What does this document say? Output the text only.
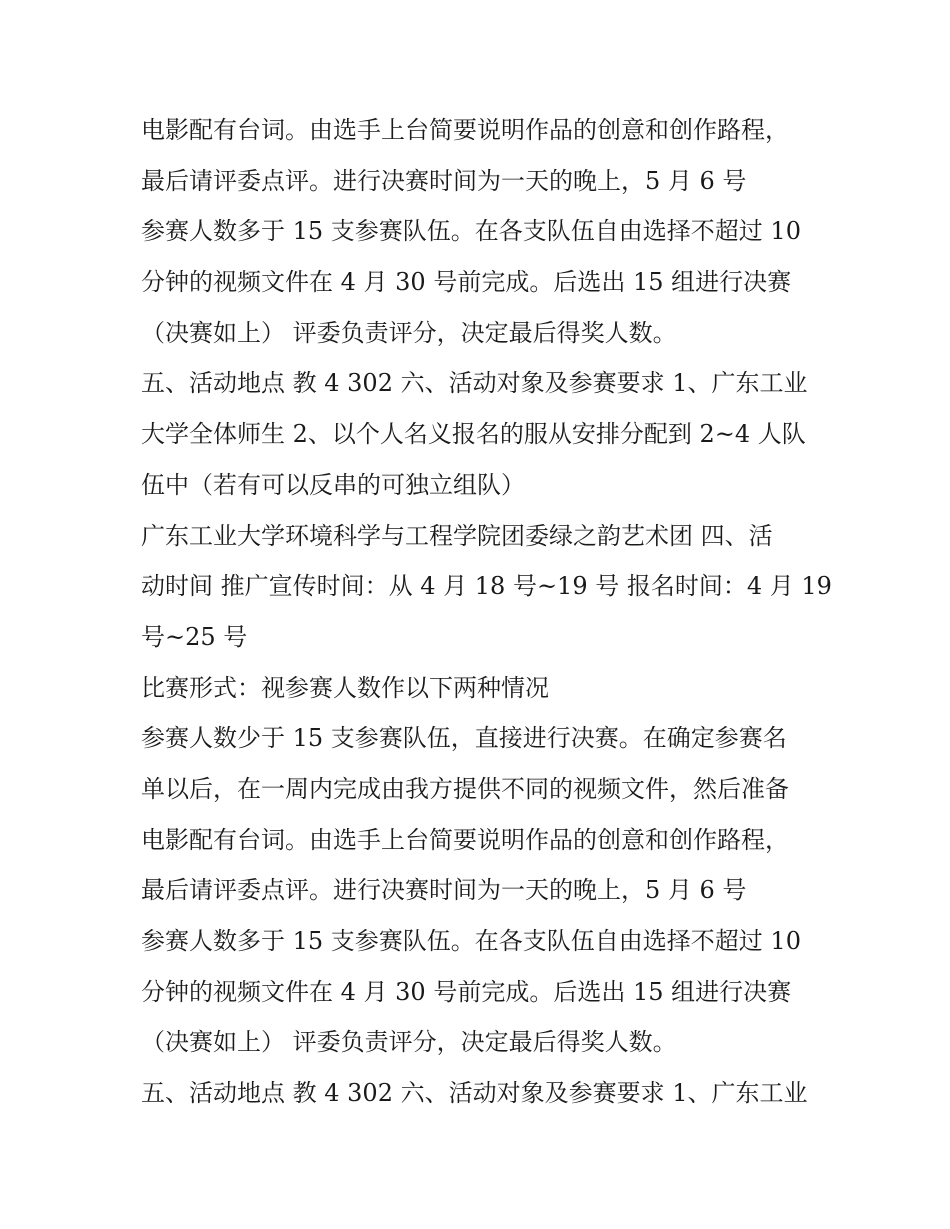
电影配有台词。由选手上台简要说明作品的创意和创作路程，
最后请评委点评。进行决赛时间为一天的晚上，5 月 6 号
参赛人数多于 15 支参赛队伍。在各支队伍自由选择不超过 10
分钟的视频文件在 4 月 30 号前完成。后选出 15 组进行决赛
（决赛如上） 评委负责评分，决定最后得奖人数。
五、活动地点 教 4 302 六、活动对象及参赛要求 1、广东工业
大学全体师生 2、以个人名义报名的服从安排分配到 2~4 人队
伍中（若有可以反串的可独立组队）
广东工业大学环境科学与工程学院团委绿之韵艺术团 四、活
动时间 推广宣传时间：从 4 月 18 号~19 号 报名时间：4 月 19
号~25 号
比赛形式：视参赛人数作以下两种情况
参赛人数少于 15 支参赛队伍，直接进行决赛。在确定参赛名
单以后，在一周内完成由我方提供不同的视频文件，然后准备
电影配有台词。由选手上台简要说明作品的创意和创作路程，
最后请评委点评。进行决赛时间为一天的晚上，5 月 6 号
参赛人数多于 15 支参赛队伍。在各支队伍自由选择不超过 10
分钟的视频文件在 4 月 30 号前完成。后选出 15 组进行决赛
（决赛如上） 评委负责评分，决定最后得奖人数。
五、活动地点 教 4 302 六、活动对象及参赛要求 1、广东工业
